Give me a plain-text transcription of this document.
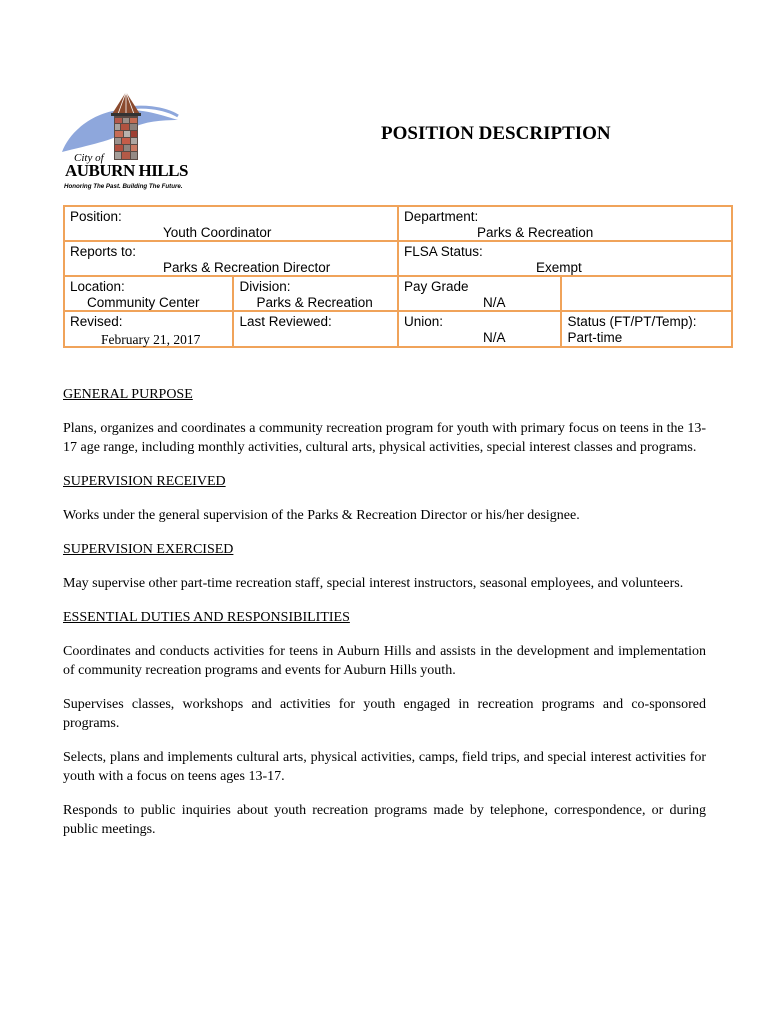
City of
AUBURN HILLS
Honoring The Past. Building The Future.
POSITION DESCRIPTION
Position:
Youth Coordinator		Department:
Parks & Recreation	

Reports to:
Parks & Recreation Director		FLSA Status:
Exempt	

Location:
Community Center	Division:
Parks & Recreation	Pay Grade
N/A	

Revised:
February 21, 2017	Last Reviewed:	Union:
N/A	Status (FT/PT/Temp):
Part-time
GENERAL PURPOSE

Plans, organizes and coordinates a community recreation program for youth with primary focus on teens in the 13-17 age range, including monthly activities, cultural arts, physical activities, special interest classes and programs.

SUPERVISION RECEIVED

Works under the general supervision of the Parks & Recreation Director or his/her designee.

SUPERVISION EXERCISED

May supervise other part-time recreation staff, special interest instructors, seasonal employees, and volunteers.

ESSENTIAL DUTIES AND RESPONSIBILITIES

Coordinates and conducts activities for teens in Auburn Hills and assists in the development and implementation of community recreation programs and events for Auburn Hills youth.

Supervises classes, workshops and activities for youth engaged in recreation programs and co-sponsored programs.

Selects, plans and implements cultural arts, physical activities, camps, field trips, and special interest activities for youth with a focus on teens ages 13-17.

Responds to public inquiries about youth recreation programs made by telephone, correspondence, or during public meetings.
